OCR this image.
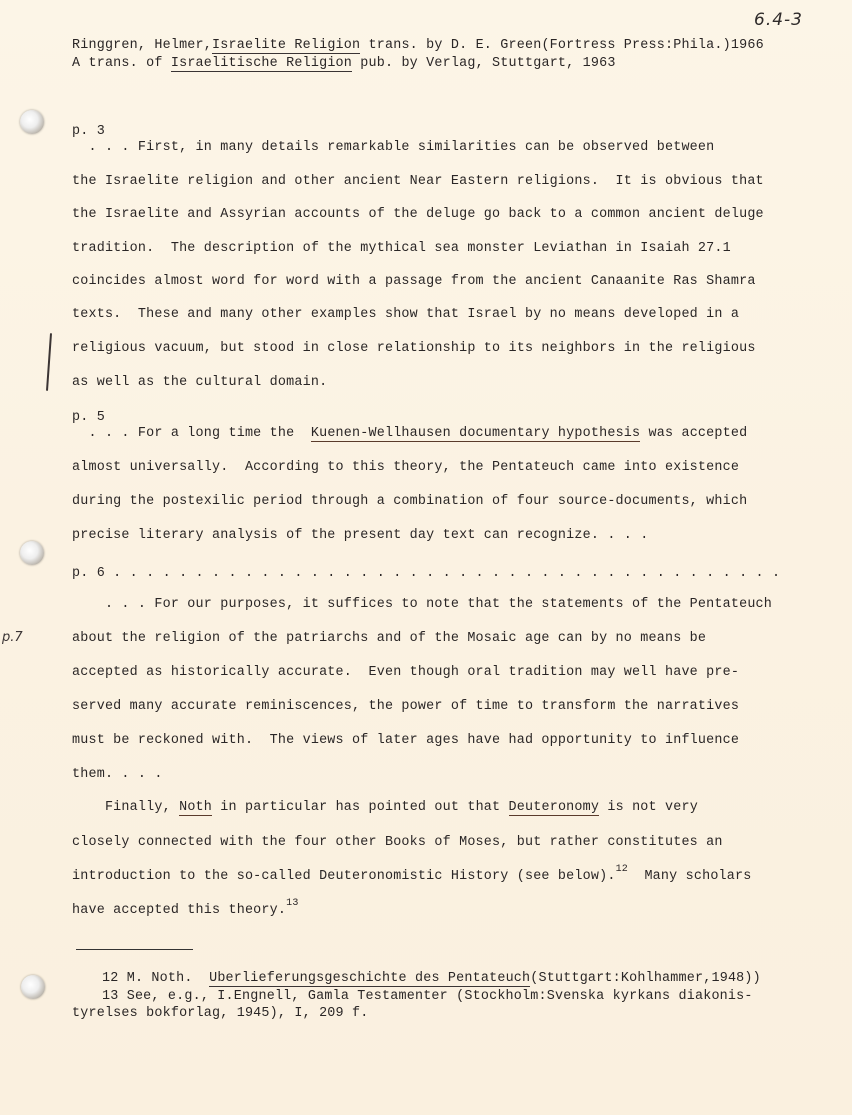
6.4-3
Ringgren, Helmer,Israelite Religion trans. by D. E. Green(Fortress Press:Phila.)1966
A trans. of Israelitische Religion pub. by Verlag, Stuttgart, 1963
p. 3
. . . First, in many details remarkable similarities can be observed between
the Israelite religion and other ancient Near Eastern religions.  It is obvious that
the Israelite and Assyrian accounts of the deluge go back to a common ancient deluge
tradition.  The description of the mythical sea monster Leviathan in Isaiah 27.1
coincides almost word for word with a passage from the ancient Canaanite Ras Shamra
texts.  These and many other examples show that Israel by no means developed in a
religious vacuum, but stood in close relationship to its neighbors in the religious
as well as the cultural domain.
p. 5
. . . For a long time the  Kuenen-Wellhausen documentary hypothesis was accepted
almost universally.  According to this theory, the Pentateuch came into existence
during the postexilic period through a combination of four source-documents, which
precise literary analysis of the present day text can recognize. . . .
p. 6 . . . . . . . . . . . . . . . . . . . . . . . . . . . . . . . . . . . . . . . . .
. . . For our purposes, it suffices to note that the statements of the Pentateuch
about the religion of the patriarchs and of the Mosaic age can by no means be
accepted as historically accurate.  Even though oral tradition may well have pre-
served many accurate reminiscences, the power of time to transform the narratives
must be reckoned with.  The views of later ages have had opportunity to influence
them. . . .
p.7
Finally, Noth in particular has pointed out that Deuteronomy is not very
closely connected with the four other Books of Moses, but rather constitutes an
introduction to the so-called Deuteronomistic History (see below).$^{12}$  Many scholars
have accepted this theory.$^{13}$
12 M. Noth.  Uberlieferungsgeschichte des Pentateuch(Stuttgart:Kohlhammer,1948))
13 See, e.g., I.Engnell, Gamla Testamenter (Stockholm:Svenska kyrkans diakonis-
tyrelses bokforlag, 1945), I, 209 f.
